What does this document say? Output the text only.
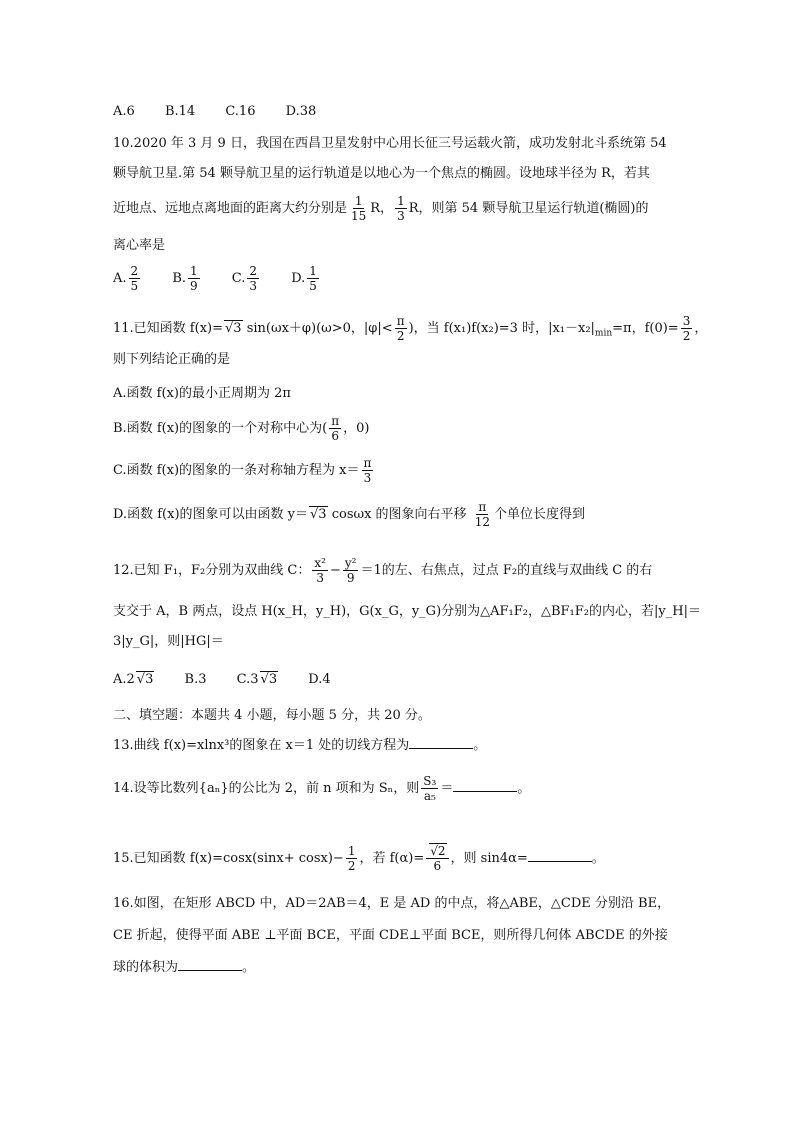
A.6 B.14 C.16 D.38
10.2020 年 3 月 9 日，我国在西昌卫星发射中心用长征三号运载火箭，成功发射北斗系统第 54
颗导航卫星.第 54 颗导航卫星的运行轨道是以地心为一个焦点的椭圆。设地球半径为 R，若其
近地点、远地点离地面的距离大约分别是 $\frac{1}{15}$ R， $\frac{1}{3}$ R，则第 54 颗导航卫星运行轨道(椭圆)的
离心率是
A. $\frac{2}{5} B$. $\frac{1}{9} C$. $\frac{2}{3} D$. $\frac{1}{5}$
11.已知函数 f(x)= √ 3 sin(ωx＋φ)(ω>0，$|\varphi|< \frac{\pi}{2}$ )，当 f(x₁)f(x₂)=3 时，$|x_1-x_2|_{min}=\pi$，$f(0)= \frac{3}{2}$ ，
则下列结论正确的是
A.函数 f(x)的最小正周期为 2π
B.函数 f(x)的图象的一个对称中心为( $\frac{\pi}{6}$ ，0)
C.函数 f(x)的图象的一条对称轴方程为 $x= \frac{\pi}{3}$
D.函数 f(x)的图象可以由函数 y＝ √ 3 cosωx 的图象向右平移 $\frac{\pi}{12}$ 个单位长度得到
12.已知 F₁，F₂分别为双曲线 C： $\frac{\text{x²}}{3} - \frac{\text{y²}}{9} =1$的左、右焦点，过点 F₂的直线与双曲线 C 的右
支交于 A，B 两点，设点 H(x_H，y_H)，G(x_G，y_G)分别为△AF₁F₂，△BF₁F₂的内心，若|y_H|＝
3|y_G|，则|HG|＝
A.2 √ 3 B.3 C.3 √ 3 D.4
二、填空题：本题共 4 小题，每小题 5 分，共 20 分。
13.曲线 f(x)=xlnx³的图象在 x＝1 处的切线方程为	。
14.设等比数列{aₙ}的公比为 2，前 n 项和为 Sₙ，则 $\frac{\text{S₃}}{\text{a₅}}$ ＝	。
15.已知函数 $f(x)=\cos x(\sin x+ \cos x)- \frac{1}{2}$ ，若 f(α)= √ $\frac{2}{6}$ ，则 sin4α=	。
16.如图，在矩形 ABCD 中，AD＝2AB＝4，E 是 AD 的中点，将△ABE，△CDE 分别沿 BE，
CE 折起，使得平面 ABE ⊥平面 BCE，平面 CDE⊥平面 BCE，则所得几何体 ABCDE 的外接
球的体积为	。
